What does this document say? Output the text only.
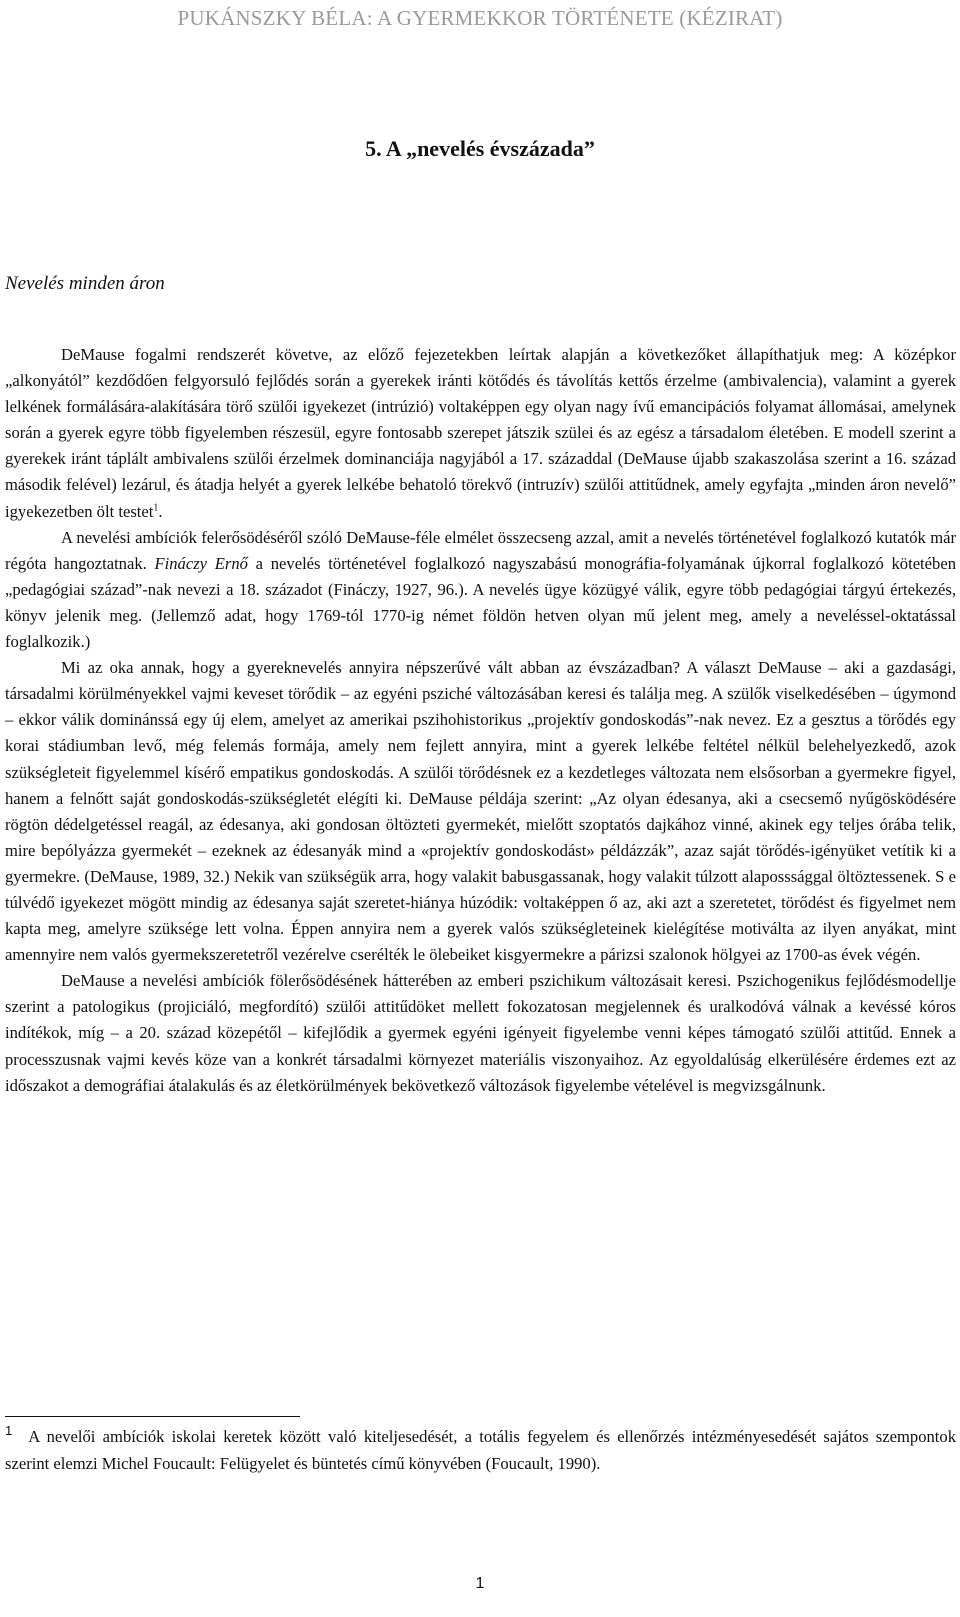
PUKÁNSZKY BÉLA: A GYERMEKKOR TÖRTÉNETE (KÉZIRAT)
5. A „nevelés évszázada”
Nevelés minden áron

DeMause fogalmi rendszerét követve, az előző fejezetekben leírtak alapján a következőket állapíthatjuk meg: A középkor „alkonyától” kezdődően felgyorsuló fejlődés során a gyerekek iránti kötődés és távolítás kettős érzelme (ambivalencia), valamint a gyerek lelkének formálására-alakítására törő szülői igyekezet (intrúzió) voltaképpen egy olyan nagy ívű emancipációs folyamat állomásai, amelynek során a gyerek egyre több figyelemben részesül, egyre fontosabb szerepet játszik szülei és az egész a társadalom életében. E modell szerint a gyerekek iránt táplált ambivalens szülői érzelmek dominanciája nagyjából a 17. századdal (DeMause újabb szakaszolása szerint a 16. század második felével) lezárul, és átadja helyét a gyerek lelkébe behatoló törekvő (intruzív) szülői attitűdnek, amely egyfajta „minden áron nevelő” igyekezetben ölt testet$^1$.

A nevelési ambíciók felerősödéséről szóló DeMause-féle elmélet összecseng azzal, amit a nevelés történetével foglalkozó kutatók már régóta hangoztatnak. Fináczy Ernő a nevelés történetével foglalkozó nagyszabású monográfia-folyamának újkorral foglalkozó kötetében „pedagógiai század”-nak nevezi a 18. századot (Fináczy, 1927, 96.). A nevelés ügye közügyé válik, egyre több pedagógiai tárgyú értekezés, könyv jelenik meg. (Jellemző adat, hogy 1769-tól 1770-ig német földön hetven olyan mű jelent meg, amely a neveléssel-oktatással foglalkozik.)

Mi az oka annak, hogy a gyereknevelés annyira népszerűvé vált abban az évszázadban? A választ DeMause – aki a gazdasági, társadalmi körülményekkel vajmi keveset törődik – az egyéni psziché változásában keresi és találja meg. A szülők viselkedésében – úgymond – ekkor válik dominánssá egy új elem, amelyet az amerikai pszihohistorikus „projektív gondoskodás”-nak nevez. Ez a gesztus a törődés egy korai stádiumban levő, még felemás formája, amely nem fejlett annyira, mint a gyerek lelkébe feltétel nélkül belehelyezkedő, azok szükségleteit figyelemmel kísérő empatikus gondoskodás. A szülői törődésnek ez a kezdetleges változata nem elsősorban a gyermekre figyel, hanem a felnőtt saját gondoskodás-szükségletét elégíti ki. DeMause példája szerint: „Az olyan édesanya, aki a csecsemő nyűgösködésére rögtön dédelgetéssel reagál, az édesanya, aki gondosan öltözteti gyermekét, mielőtt szoptatós dajkához vinné, akinek egy teljes órába telik, mire bepólyázza gyermekét – ezeknek az édesanyák mind a «projektív gondoskodást» példázzák”, azaz saját törődés-igényüket vetítik ki a gyermekre. (DeMause, 1989, 32.) Nekik van szükségük arra, hogy valakit babusgassanak, hogy valakit túlzott alaposssággal öltöztessenek. S e túlvédő igyekezet mögött mindig az édesanya saját szeretet-hiánya húzódik: voltaképpen ő az, aki azt a szeretetet, törődést és figyelmet nem kapta meg, amelyre szüksége lett volna. Éppen annyira nem a gyerek valós szükségleteinek kielégítése motiválta az ilyen anyákat, mint amennyire nem valós gyermekszeretetről vezérelve cserélték le ölebeiket kisgyermekre a párizsi szalonok hölgyei az 1700-as évek végén.

DeMause a nevelési ambíciók fölerősödésének hátterében az emberi pszichikum változásait keresi. Pszichogenikus fejlődésmodellje szerint a patologikus (projiciáló, megfordító) szülői attitűdöket mellett fokozatosan megjelennek és uralkodóvá válnak a kevéssé kóros indítékok, míg – a 20. század közepétől – kifejlődik a gyermek egyéni igényeit figyelembe venni képes támogató szülői attitűd. Ennek a processzusnak vajmi kevés köze van a konkrét társadalmi környezet materiális viszonyaihoz. Az egyoldalúság elkerülésére érdemes ezt az időszakot a demográfiai átalakulás és az életkörülmények bekövetkező változások figyelembe vételével is megvizsgálnunk.

$^1$ A nevelői ambíciók iskolai keretek között való kiteljesedését, a totális fegyelem és ellenőrzés intézményesedését sajátos szempontok szerint elemzi Michel Foucault: Felügyelet és büntetés című könyvében (Foucault, 1990).
1
